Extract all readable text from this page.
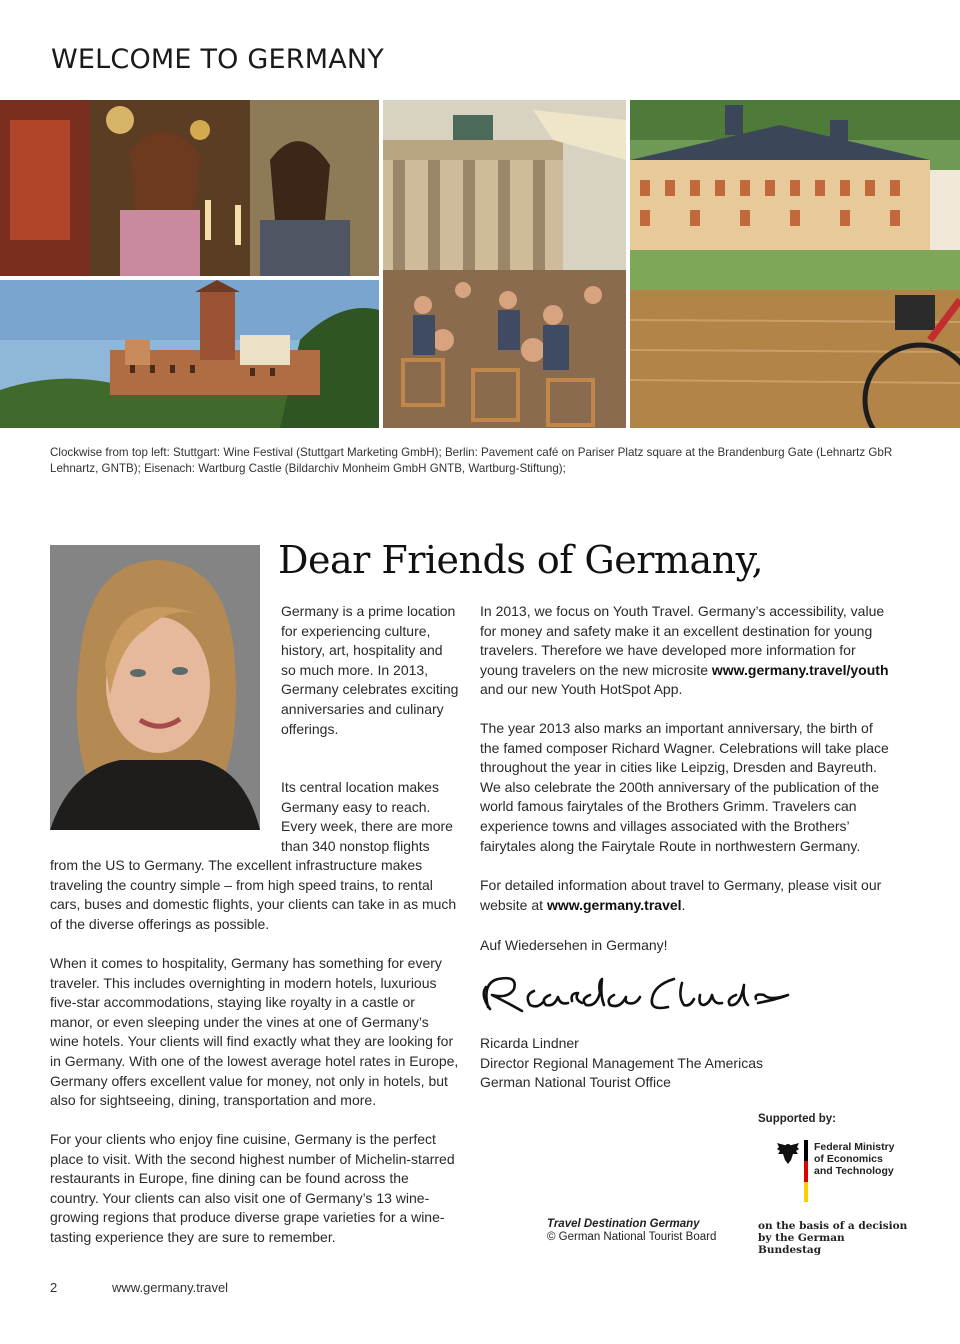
WELCOME TO GERMANY
Clockwise from top left: Stuttgart: Wine Festival (Stuttgart Marketing GmbH); Berlin: Pavement café on Pariser Platz square at the Brandenburg Gate (Lehnartz GbR Lehnartz, GNTB); Eisenach: Wartburg Castle (Bildarchiv Monheim GmbH GNTB, Wartburg-Stiftung);
Dear Friends of Germany,

Germany is a prime location for experiencing culture, history, art, hospitality and so much more. In 2013, Germany celebrates exciting anniversaries and culinary offerings.

Its central location makes Germany easy to reach. Every week, there are more than 340 nonstop flights

from the US to Germany. The excellent infrastructure makes traveling the country simple – from high speed trains, to rental cars, buses and domestic flights, your clients can take in as much of the diverse offerings as possible.

When it comes to hospitality, Germany has something for every traveler. This includes overnighting in modern hotels, luxurious five-star accommodations, staying like royalty in a castle or manor, or even sleeping under the vines at one of Germany’s wine hotels. Your clients will find exactly what they are looking for in Germany. With one of the lowest average hotel rates in Europe, Germany offers excellent value for money, not only in hotels, but also for sightseeing, dining, transportation and more.

For your clients who enjoy fine cuisine, Germany is the perfect place to visit. With the second highest number of Michelin-starred restaurants in Europe, fine dining can be found across the country. Your clients can also visit one of Germany’s 13 wine-growing regions that produce diverse grape varieties for a wine-tasting experience they are sure to remember.

In 2013, we focus on Youth Travel. Germany’s accessibility, value for money and safety make it an excellent destination for young travelers. Therefore we have developed more information for young travelers on the new microsite www.germany.travel/youth and our new Youth HotSpot App.

The year 2013 also marks an important anniversary, the birth of the famed composer Richard Wagner. Celebrations will take place throughout the year in cities like Leipzig, Dresden and Bayreuth. We also celebrate the 200th anniversary of the publication of the world famous fairytales of the Brothers Grimm. Travelers can experience towns and villages associated with the Brothers’ fairytales along the Fairytale Route in northwestern Germany.

For detailed information about travel to Germany, please visit our website at www.germany.travel.

Auf Wiedersehen in Germany!

Ricarda Lindner
Director Regional Management The Americas
German National Tourist Office
Supported by:
Federal Ministry
of Economics
and Technology
on the basis of a decision
by the German Bundestag
Travel Destination Germany
© German National Tourist Board
2	www.germany.travel
